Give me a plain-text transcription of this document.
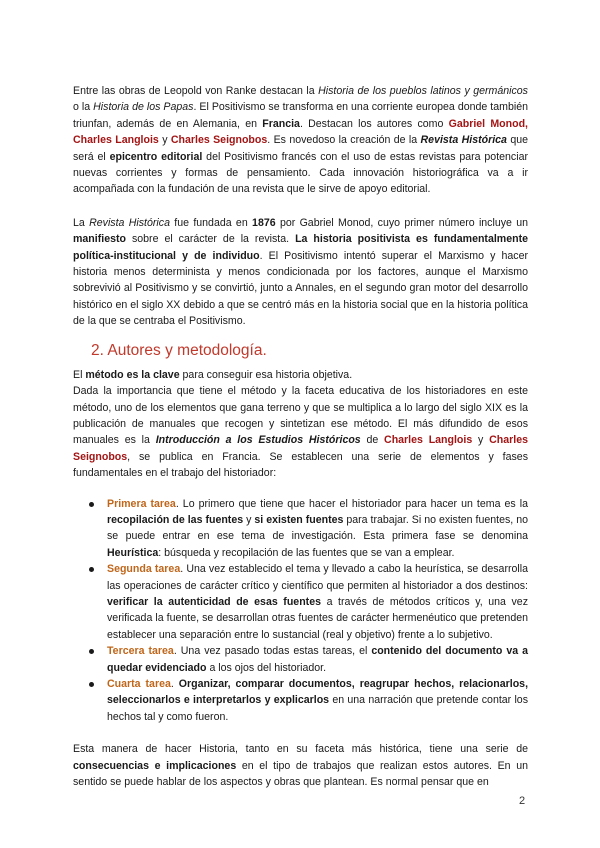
Entre las obras de Leopold von Ranke destacan la Historia de los pueblos latinos y germánicos o la Historia de los Papas. El Positivismo se transforma en una corriente europea donde también triunfan, además de en Alemania, en Francia. Destacan los autores como Gabriel Monod, Charles Langlois y Charles Seignobos. Es novedoso la creación de la Revista Histórica que será el epicentro editorial del Positivismo francés con el uso de estas revistas para potenciar nuevas corrientes y formas de pensamiento. Cada innovación historiográfica va a ir acompañada con la fundación de una revista que le sirve de apoyo editorial.

La Revista Histórica fue fundada en 1876 por Gabriel Monod, cuyo primer número incluye un manifiesto sobre el carácter de la revista. La historia positivista es fundamentalmente política-institucional y de individuo. El Positivismo intentó superar el Marxismo y hacer historia menos determinista y menos condicionada por los factores, aunque el Marxismo sobrevivió al Positivismo y se convirtió, junto a Annales, en el segundo gran motor del desarrollo histórico en el siglo XX debido a que se centró más en la historia social que en la historia política de la que se centraba el Positivismo.

2. Autores y metodología.

El método es la clave para conseguir esa historia objetiva.

Dada la importancia que tiene el método y la faceta educativa de los historiadores en este método, uno de los elementos que gana terreno y que se multiplica a lo largo del siglo XIX es la publicación de manuales que recogen y sintetizan ese método. El más difundido de esos manuales es la Introducción a los Estudios Históricos de Charles Langlois y Charles Seignobos, se publica en Francia. Se establecen una serie de elementos y fases fundamentales en el trabajo del historiador:

Primera tarea. Lo primero que tiene que hacer el historiador para hacer un tema es la recopilación de las fuentes y si existen fuentes para trabajar. Si no existen fuentes, no se puede entrar en ese tema de investigación. Esta primera fase se denomina Heurística: búsqueda y recopilación de las fuentes que se van a emplear.

Segunda tarea. Una vez establecido el tema y llevado a cabo la heurística, se desarrolla las operaciones de carácter crítico y científico que permiten al historiador a dos destinos: verificar la autenticidad de esas fuentes a través de métodos críticos y, una vez verificada la fuente, se desarrollan otras fuentes de carácter hermenéutico que pretenden establecer una separación entre lo sustancial (real y objetivo) frente a lo subjetivo.

Tercera tarea. Una vez pasado todas estas tareas, el contenido del documento va a quedar evidenciado a los ojos del historiador.

Cuarta tarea. Organizar, comparar documentos, reagrupar hechos, relacionarlos, seleccionarlos e interpretarlos y explicarlos en una narración que pretende contar los hechos tal y como fueron.

Esta manera de hacer Historia, tanto en su faceta más histórica, tiene una serie de consecuencias e implicaciones en el tipo de trabajos que realizan estos autores. En un sentido se puede hablar de los aspectos y obras que plantean. Es normal pensar que en

2
